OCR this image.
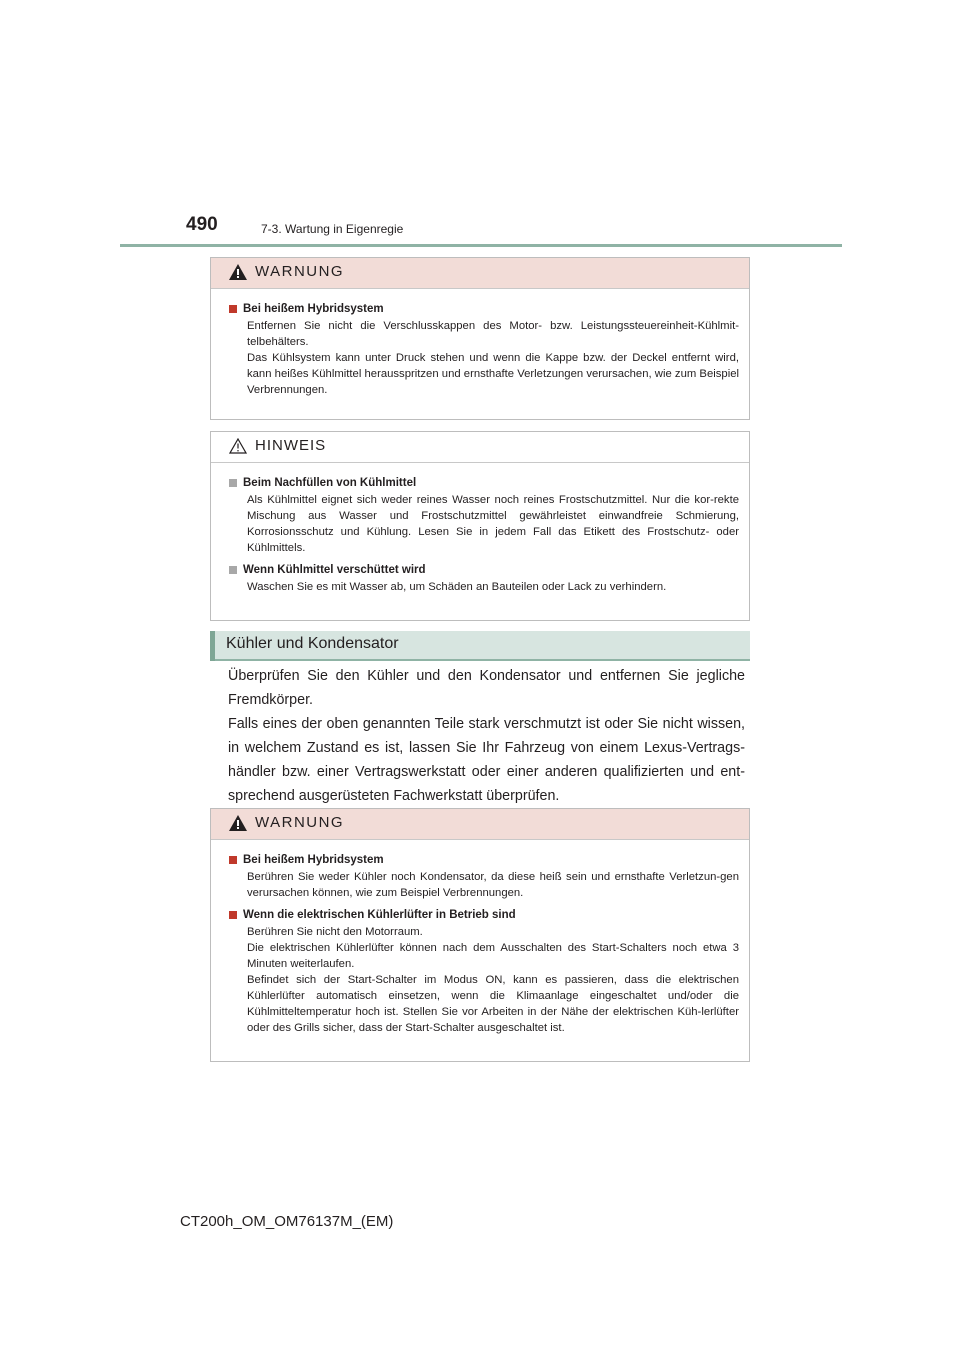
490	7-3. Wartung in Eigenregie
WARNUNG
Bei heißem Hybridsystem
Entfernen Sie nicht die Verschlusskappen des Motor- bzw. Leistungssteuereinheit-Kühlmit-telbehälters.
Das Kühlsystem kann unter Druck stehen und wenn die Kappe bzw. der Deckel entfernt wird, kann heißes Kühlmittel herausspritzen und ernsthafte Verletzungen verursachen, wie zum Beispiel Verbrennungen.
HINWEIS
Beim Nachfüllen von Kühlmittel
Als Kühlmittel eignet sich weder reines Wasser noch reines Frostschutzmittel. Nur die kor-rekte Mischung aus Wasser und Frostschutzmittel gewährleistet einwandfreie Schmierung, Korrosionsschutz und Kühlung. Lesen Sie in jedem Fall das Etikett des Frostschutz- oder Kühlmittels.
Wenn Kühlmittel verschüttet wird
Waschen Sie es mit Wasser ab, um Schäden an Bauteilen oder Lack zu verhindern.
Kühler und Kondensator

Überprüfen Sie den Kühler und den Kondensator und entfernen Sie jegliche Fremdkörper.

Falls eines der oben genannten Teile stark verschmutzt ist oder Sie nicht wissen, in welchem Zustand es ist, lassen Sie Ihr Fahrzeug von einem Lexus-Vertrags-händler bzw. einer Vertragswerkstatt oder einer anderen qualifizierten und ent-sprechend ausgerüsteten Fachwerkstatt überprüfen.

WARNUNG
Bei heißem Hybridsystem
Berühren Sie weder Kühler noch Kondensator, da diese heiß sein und ernsthafte Verletzun-gen verursachen können, wie zum Beispiel Verbrennungen.
Wenn die elektrischen Kühlerlüfter in Betrieb sind
Berühren Sie nicht den Motorraum.
Die elektrischen Kühlerlüfter können nach dem Ausschalten des Start-Schalters noch etwa 3 Minuten weiterlaufen.
Befindet sich der Start-Schalter im Modus ON, kann es passieren, dass die elektrischen Kühlerlüfter automatisch einsetzen, wenn die Klimaanlage eingeschaltet und/oder die Kühlmitteltemperatur hoch ist. Stellen Sie vor Arbeiten in der Nähe der elektrischen Küh-lerlüfter oder des Grills sicher, dass der Start-Schalter ausgeschaltet ist.
CT200h_OM_OM76137M_(EM)
